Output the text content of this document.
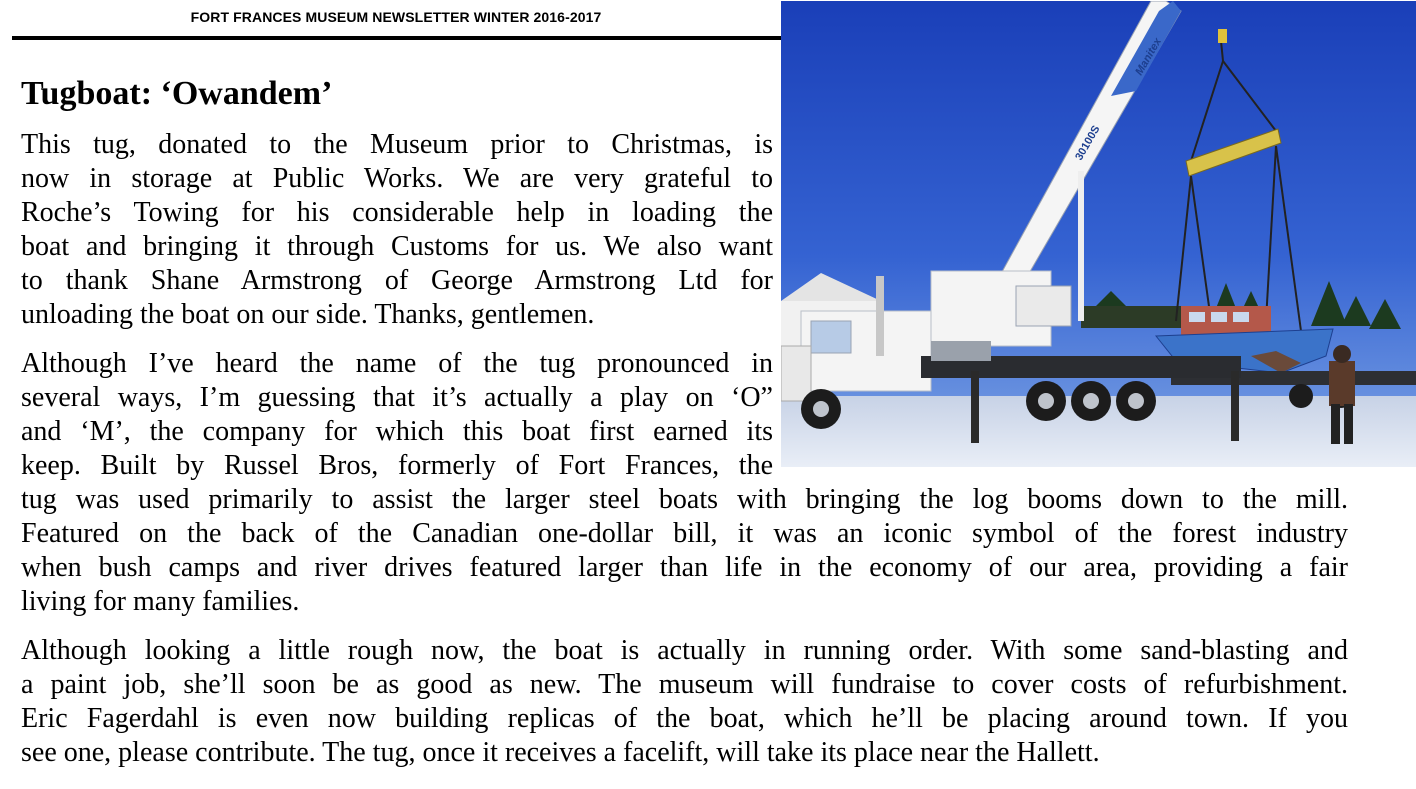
FORT FRANCES MUSEUM NEWSLETTER WINTER 2016-2017
30100S
Manitex
Tugboat: ‘Owandem’

This tug, donated to the Museum prior to Christmas, is
now in storage at Public Works. We are very grateful to
Roche’s Towing for his considerable help in loading the
boat and bringing it through Customs for us. We also want
to thank Shane Armstrong of George Armstrong Ltd for
unloading the boat on our side. Thanks, gentlemen.

Although I’ve heard the name of the tug pronounced in
several ways, I’m guessing that it’s actually a play on ‘O”
and ‘M’, the company for which this boat first earned its
keep. Built by Russel Bros, formerly of Fort Frances, the

tug was used primarily to assist the larger steel boats with bringing the log booms down to the mill.
Featured on the back of the Canadian one-dollar bill, it was an iconic symbol of the forest industry
when bush camps and river drives featured larger than life in the economy of our area, providing a fair
living for many families.

Although looking a little rough now, the boat is actually in running order. With some sand-blasting and
a paint job, she’ll soon be as good as new. The museum will fundraise to cover costs of refurbishment.
Eric Fagerdahl is even now building replicas of the boat, which he’ll be placing around town. If you
see one, please contribute. The tug, once it receives a facelift, will take its place near the Hallett.
